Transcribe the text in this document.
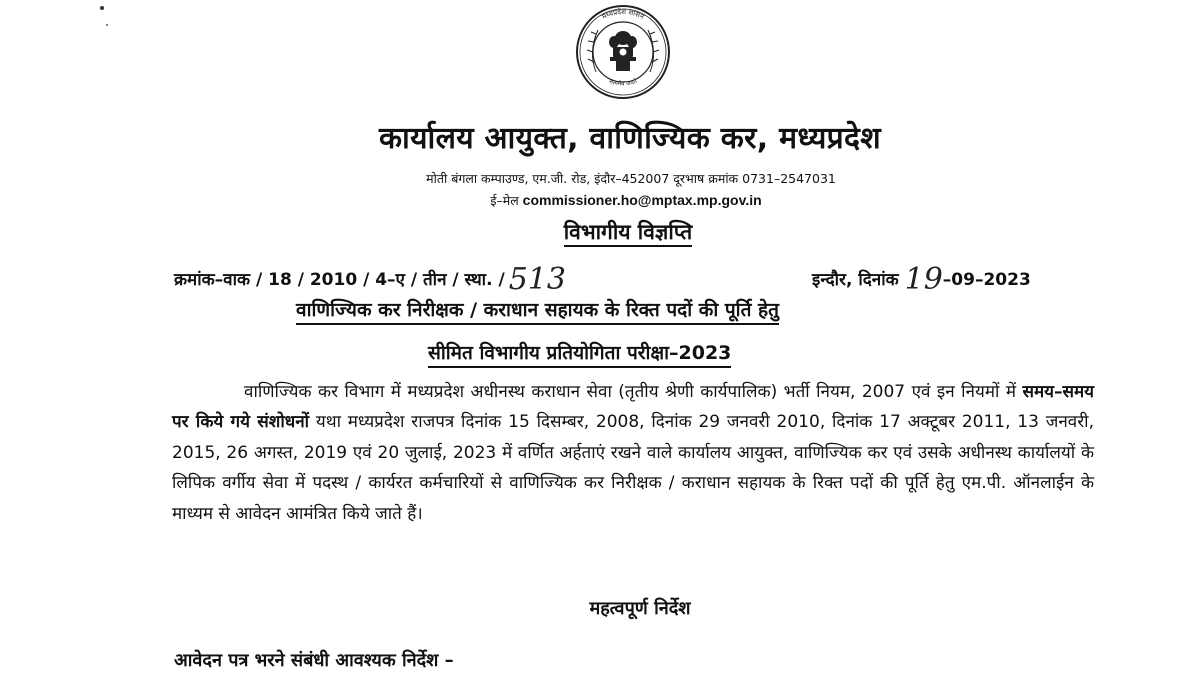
मध्यप्रदेश शासन
सत्यमेव जयते
कार्यालय आयुक्त, वाणिज्यिक कर, मध्यप्रदेश
मोती बंगला कम्पाउण्ड, एम.जी. रोड, इंदौर–452007 दूरभाष क्रमांक 0731–2547031
ई–मेल commissioner.ho@mptax.mp.gov.in
विभागीय विज्ञप्ति
क्रमांक–वाक / 18 / 2010 / 4–ए / तीन / स्था. / 513	इन्दौर, दिनांक 19–09–2023
वाणिज्यिक कर निरीक्षक / कराधान सहायक के रिक्त पदों की पूर्ति हेतु
सीमित विभागीय प्रतियोगिता परीक्षा–2023

वाणिज्यिक कर विभाग में मध्यप्रदेश अधीनस्थ कराधान सेवा (तृतीय श्रेणी कार्यपालिक) भर्ती नियम, 2007 एवं इन नियमों में समय–समय पर किये गये संशोधनों यथा मध्यप्रदेश राजपत्र दिनांक 15 दिसम्बर, 2008, दिनांक 29 जनवरी 2010, दिनांक 17 अक्टूबर 2011, 13 जनवरी, 2015, 26 अगस्त, 2019 एवं 20 जुलाई, 2023 में वर्णित अर्हताएं रखने वाले कार्यालय आयुक्त, वाणिज्यिक कर एवं उसके अधीनस्थ कार्यालयों के लिपिक वर्गीय सेवा में पदस्थ / कार्यरत कर्मचारियों से वाणिज्यिक कर निरीक्षक / कराधान सहायक के रिक्त पदों की पूर्ति हेतु एम.पी. ऑनलाईन के माध्यम से आवेदन आमंत्रित किये जाते हैं।

महत्वपूर्ण निर्देश
आवेदन पत्र भरने संबंधी आवश्यक निर्देश –
